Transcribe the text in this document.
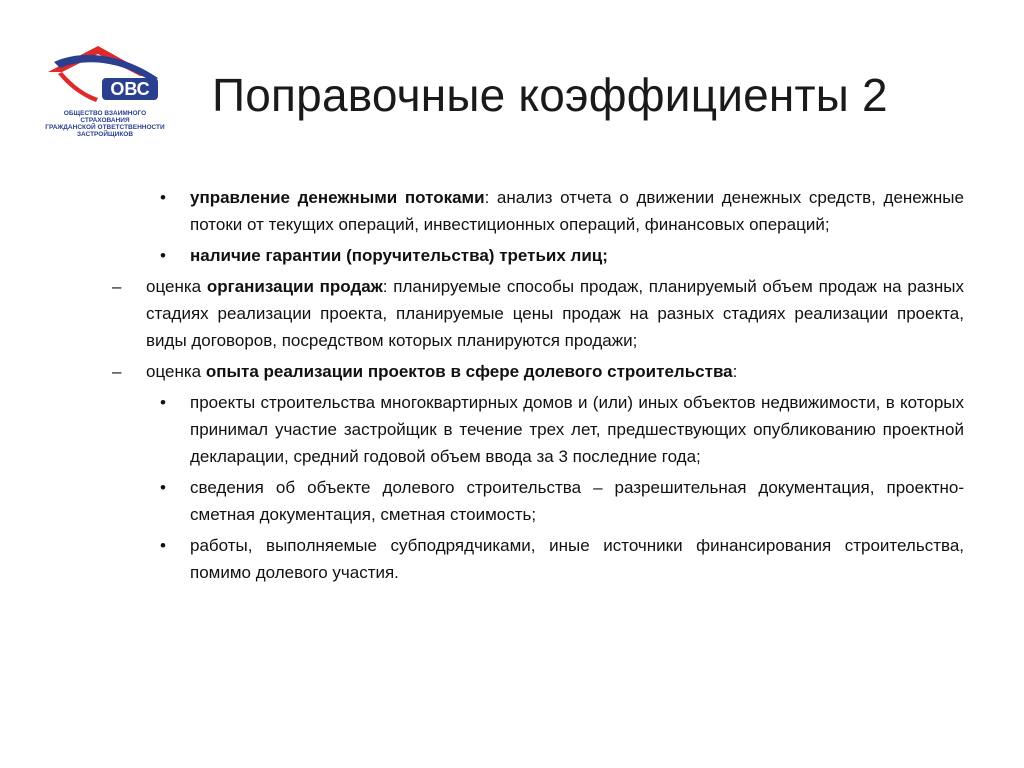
ОВС
ОБЩЕСТВО ВЗАИМНОГО СТРАХОВАНИЯ
ГРАЖДАНСКОЙ ОТВЕТСТВЕННОСТИ
ЗАСТРОЙЩИКОВ
Поправочные коэффициенты 2
•	управление денежными потоками: анализ отчета о движении денежных средств, денежные потоки от текущих операций, инвестиционных операций, финансовых операций;
•	наличие гарантии (поручительства) третьих лиц;
–	оценка организации продаж: планируемые способы продаж, планируемый объем продаж на разных стадиях реализации проекта, планируемые цены продаж на разных стадиях реализации проекта, виды договоров, посредством которых планируются продажи;
–	оценка опыта реализации проектов в сфере долевого строительства:
•	проекты строительства многоквартирных домов и (или) иных объектов недвижимости, в которых принимал участие застройщик в течение трех лет, предшествующих опубликованию проектной декларации, средний годовой объем ввода за 3 последние года;
•	сведения об объекте долевого строительства – разрешительная документация, проектно-сметная документация, сметная стоимость;
•	работы, выполняемые субподрядчиками, иные источники финансирования строительства, помимо долевого участия.
